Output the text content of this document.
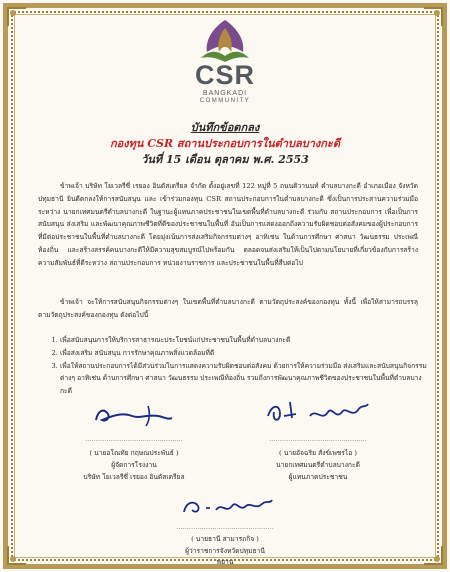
CSR
BANGKADI
COMMUNITY
บันทึกข้อตกลง
กองทุน CSR สถานประกอบการในตำบลบางกะดี
วันที่ 15 เดือน ตุลาคม พ.ศ. 2553
ข้าพเจ้า บริษัท โยเวลรีซี่ เรยอง อินดัสเตรียล จำกัด ตั้งอยู่เลขที่ 122 หมู่ที่ 5 ถนนติวานนท์ ตำบลบางกะดี อำเภอเมือง จังหวัดปทุมธานี ยินดีตกลงให้การสนับสนุน และ เข้าร่วมกองทุน CSR สถานประกอบการในตำบลบางกะดี ซึ่งเป็นการประสานความร่วมมือระหว่าง นายกเทศมนตรีตำบลบางกะดี ในฐานะผู้แทนภาคประชาชนในเขตพื้นที่ตำบลบางกะดี ร่วมกับ สถานประกอบการ เพื่อเป็นการสนับสนุน ส่งเสริม และพัฒนาคุณภาพชีวิตที่ดีของประชาชนในพื้นที่ อันเป็นการแสดงออกถึงความรับผิดชอบต่อสังคมของผู้ประกอบการที่มีต่อประชาชนในพื้นที่ตำบลบางกะดี โดยมุ่งเน้นการส่งเสริมกิจกรรมต่างๆ อาทิเช่น ในด้านการศึกษา ศาสนา วัฒนธรรม ประเพณีท้องถิ่น และสร้างสรรค์คนบางกะดีให้มีความสุขสมบูรณ์ไปพร้อมกัน ตลอดจนส่งเสริมให้เป็นไปตามนโยบายที่เกี่ยวข้องกับการสร้างความสัมพันธ์ที่ดีระหว่าง สถานประกอบการ หน่วยงานราชการ และประชาชนในพื้นที่สืบต่อไป
ข้าพเจ้า จะให้การสนับสนุนกิจกรรมต่างๆ ในเขตพื้นที่ตำบลบางกะดี ตามวัตถุประสงค์ของกองทุน ทั้งนี้ เพื่อให้สามารถบรรลุตามวัตถุประสงค์ของกองทุน ดังต่อไปนี้
1. เพื่อสนับสนุนการให้บริการสาธารณะประโยชน์แก่ประชาชนในพื้นที่ตำบลบางกะดี
2. เพื่อส่งเสริม สนับสนุน การรักษาคุณภาพสิ่งแวดล้อมที่ดี
3. เพื่อให้สถานประกอบการได้มีส่วนร่วมในการแสดงความรับผิดชอบต่อสังคม ด้วยการให้ความร่วมมือ ส่งเสริมและสนับสนุนกิจกรรมต่างๆ อาทิเช่น ด้านการศึกษา ศาสนา วัฒนธรรม ประเพณีท้องถิ่น รวมถึงการพัฒนาคุณภาพชีวิตของประชาชนในพื้นที่ตำบลบางกะดี
..............................................
( นายอโณทัย กฤษณประพันธ์ )
ผู้จัดการโรงงาน
บริษัท โยเวลรีซี่ เรยอง อินดัสเตรียล
..............................................
( นายอัจฉริย สังข์เพชรไอ )
นายกเทศมนตรีตำบลบางกะดี
ผู้แทนภาคประชาชน
..............................................
( นายธานี สามารถกิจ )
ผู้ว่าราชการจังหวัดปทุมธานี
พยาน
